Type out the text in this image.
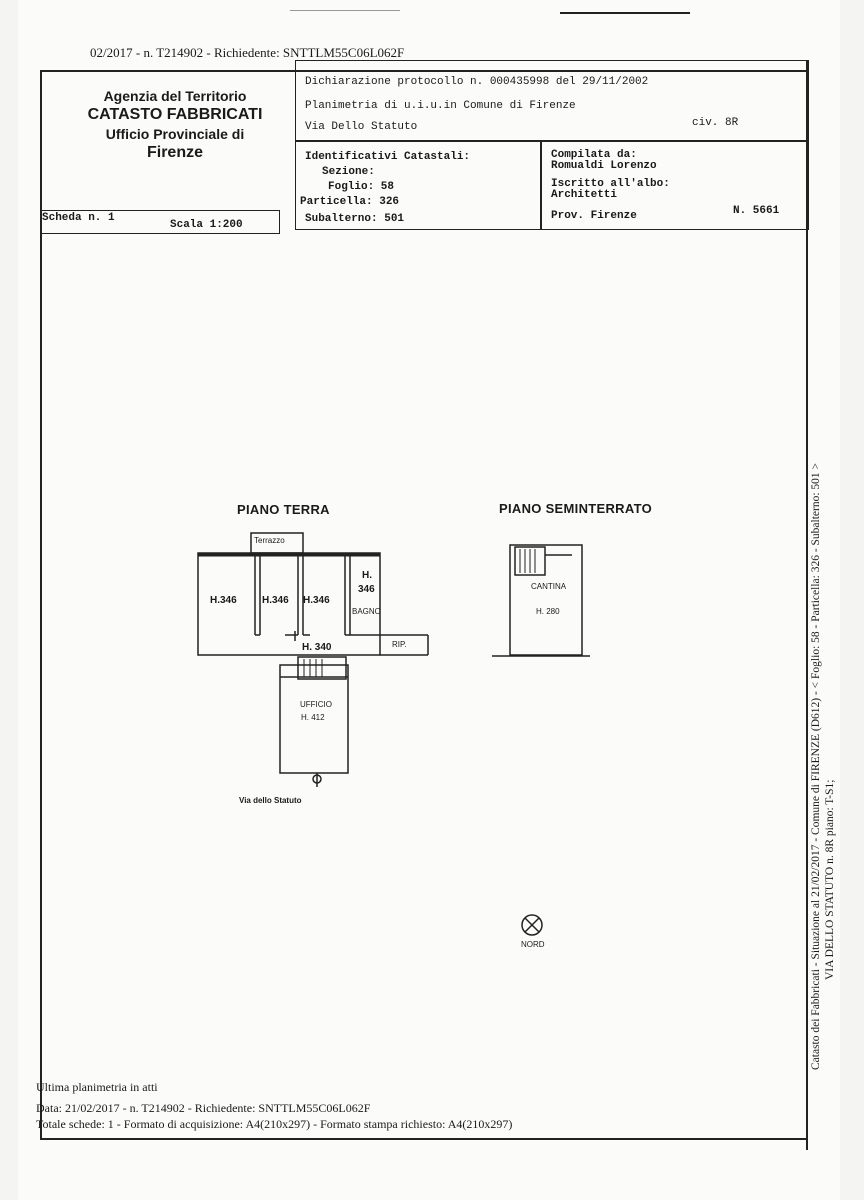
02/2017 - n. T214902 - Richiedente: SNTTLM55C06L062F
Agenzia del Territorio
CATASTO FABBRICATI
Ufficio Provinciale di
Firenze
Dichiarazione protocollo n. 000435998 del 29/11/2002
Planimetria di u.i.u.in Comune di Firenze
Via Dello Statuto	civ. 8R
Identificativi Catastali:
Sezione:
Foglio: 58
Particella: 326
Subalterno: 501
Compilata da:
Romualdi Lorenzo
Iscritto all'albo:
Architetti
Prov. Firenze	N. 5661
Scheda n. 1
Scala 1:200
PIANO TERRA	PIANO SEMINTERRATO
Terrazzo
H.346	H.346 H.346
H.
346
BAGNO
H. 340	RIP.
UFFICIO
H. 412
CANTINA
H. 280
Via dello Statuto
NORD	Catasto dei Fabbricati - Situazione al 21/02/2017 - Comune di FIRENZE (D612) - < Foglio: 58 - Particella: 326 - Subalterno: 501 > VIA DELLO STATUTO n. 8R piano: T-S1;
Ultima planimetria in atti
Data: 21/02/2017 - n. T214902 - Richiedente: SNTTLM55C06L062F
Totale schede: 1 - Formato di acquisizione: A4(210x297) - Formato stampa richiesto: A4(210x297)
